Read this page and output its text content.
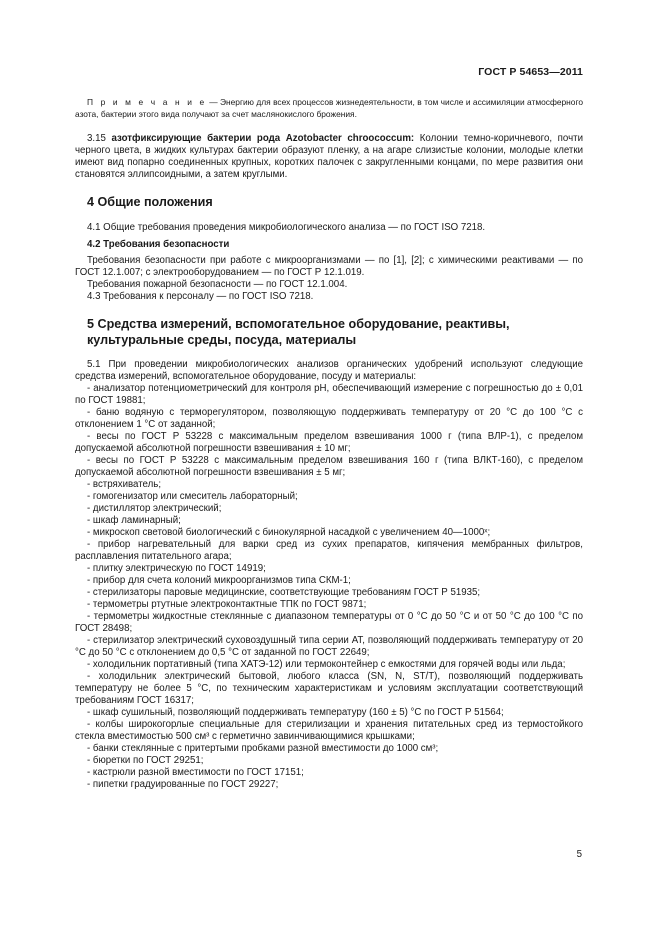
ГОСТ Р 54653—2011

П р и м е ч а н и е — Энергию для всех процессов жизнедеятельности, в том числе и ассимиляции атмосферного азота, бактерии этого вида получают за счет маслянокислого брожения.

3.15 азотфиксирующие бактерии рода Azotobacter chroococcum: Колонии темно-коричневого, почти черного цвета, в жидких культурах бактерии образуют пленку, а на агаре слизистые колонии, молодые клетки имеют вид попарно соединенных крупных, коротких палочек с закругленными концами, по мере развития они становятся эллипсоидными, а затем круглыми.

4 Общие положения

4.1 Общие требования проведения микробиологического анализа — по ГОСТ ISO 7218.

4.2 Требования безопасности

Требования безопасности при работе с микроорганизмами — по [1], [2]; с химическими реактивами — по ГОСТ 12.1.007; с электрооборудованием — по ГОСТ Р 12.1.019.

Требования пожарной безопасности — по ГОСТ 12.1.004.

4.3 Требования к персоналу — по ГОСТ ISO 7218.

5 Средства измерений, вспомогательное оборудование, реактивы,

культуральные среды, посуда, материалы

5.1 При проведении микробиологических анализов органических удобрений используют следующие средства измерений, вспомогательное оборудование, посуду и материалы:

- анализатор потенциометрический для контроля pH, обеспечивающий измерение с погрешностью до ± 0,01 по ГОСТ 19881;

- баню водяную с терморегулятором, позволяющую поддерживать температуру от 20 °С до 100 °С с отклонением 1 °С от заданной;

- весы по ГОСТ Р 53228 с максимальным пределом взвешивания 1000 г (типа ВЛР-1), с пределом допускаемой абсолютной погрешности взвешивания ± 10 мг;

- весы по ГОСТ Р 53228 с максимальным пределом взвешивания 160 г (типа ВЛКТ-160), с пределом допускаемой абсолютной погрешности взвешивания ± 5 мг;

- встряхиватель;

- гомогенизатор или смеситель лабораторный;

- дистиллятор электрический;

- шкаф ламинарный;

- микроскоп световой биологический с бинокулярной насадкой с увеличением 40—1000ˣ;

- прибор нагревательный для варки сред из сухих препаратов, кипячения мембранных фильтров, расплавления питательного агара;

- плитку электрическую по ГОСТ 14919;

- прибор для счета колоний микроорганизмов типа СКМ-1;

- стерилизаторы паровые медицинские, соответствующие требованиям ГОСТ Р 51935;

- термометры ртутные электроконтактные ТПК по ГОСТ 9871;

- термометры жидкостные стеклянные с диапазоном температуры от 0 °С до 50 °С и от 50 °С до 100 °С по ГОСТ 28498;

- стерилизатор электрический суховоздушный типа серии АТ, позволяющий поддерживать температуру от 20 °С до 50 °С с отклонением до 0,5 °С от заданной по ГОСТ 22649;

- холодильник портативный (типа ХАТЭ-12) или термоконтейнер с емкостями для горячей воды или льда;

- холодильник электрический бытовой, любого класса (SN, N, ST/T), позволяющий поддерживать температуру не более 5 °С, по техническим характеристикам и условиям эксплуатации соответствующий требованиям ГОСТ 16317;

- шкаф сушильный, позволяющий поддерживать температуру (160 ± 5) °С по ГОСТ Р 51564;

- колбы широкогорлые специальные для стерилизации и хранения питательных сред из термостойкого стекла вместимостью 500 см³ с герметично завинчивающимися крышками;

- банки стеклянные с притертыми пробками разной вместимости до 1000 см³;

- бюретки по ГОСТ 29251;

- кастрюли разной вместимости по ГОСТ 17151;

- пипетки градуированные по ГОСТ 29227;

5
